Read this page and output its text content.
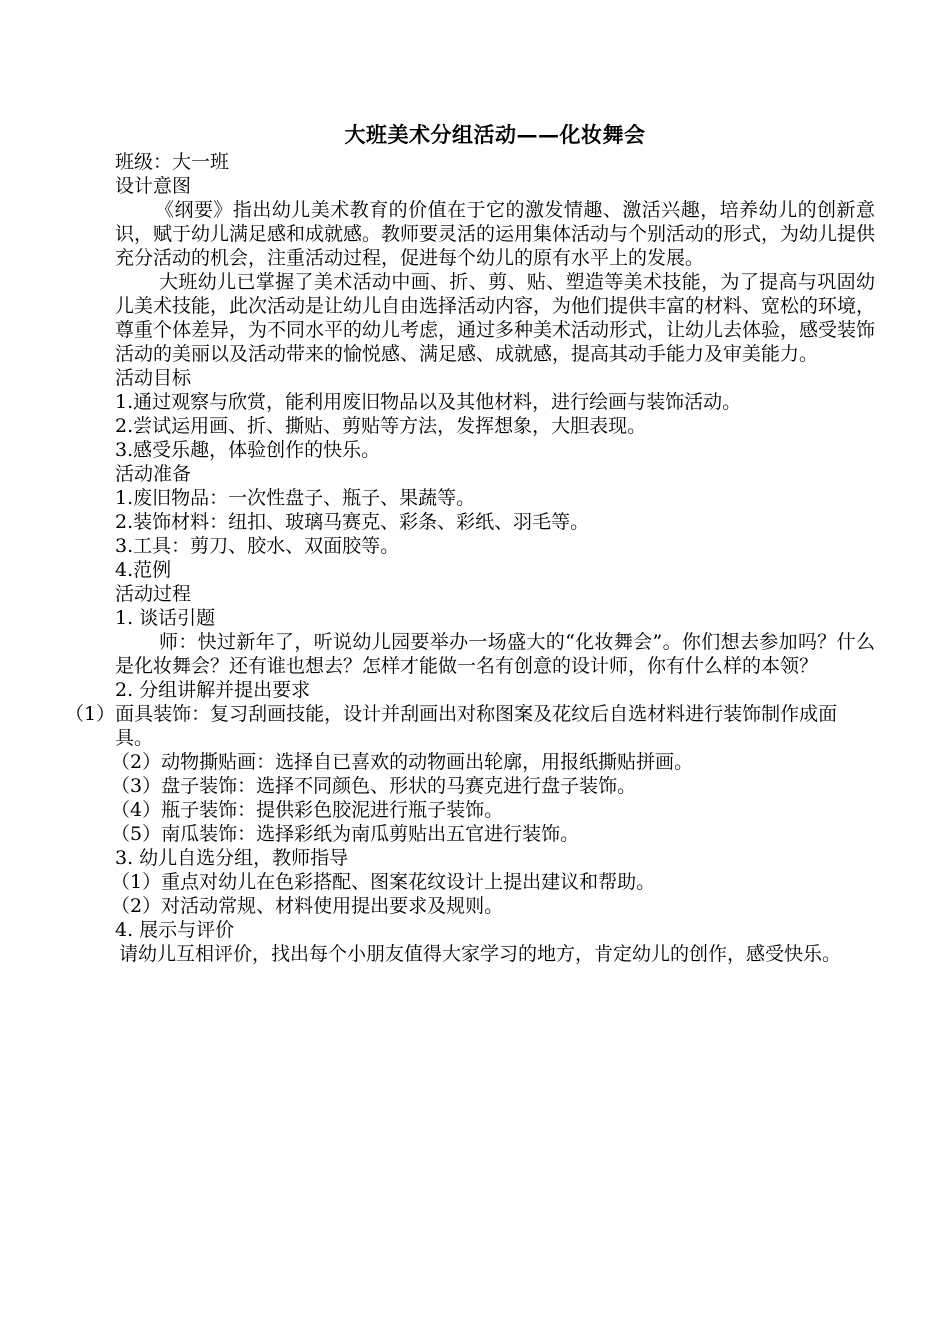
大班美术分组活动——化妆舞会

班级：大一班

设计意图

《纲要》指出幼儿美术教育的价值在于它的激发情趣、激活兴趣，培养幼儿的创新意识，赋于幼儿满足感和成就感。教师要灵活的运用集体活动与个别活动的形式，为幼儿提供充分活动的机会，注重活动过程，促进每个幼儿的原有水平上的发展。

大班幼儿已掌握了美术活动中画、折、剪、贴、塑造等美术技能，为了提高与巩固幼儿美术技能，此次活动是让幼儿自由选择活动内容，为他们提供丰富的材料、宽松的环境，尊重个体差异，为不同水平的幼儿考虑，通过多种美术活动形式，让幼儿去体验，感受装饰活动的美丽以及活动带来的愉悦感、满足感、成就感，提高其动手能力及审美能力。

活动目标

1.通过观察与欣赏，能利用废旧物品以及其他材料，进行绘画与装饰活动。

2.尝试运用画、折、撕贴、剪贴等方法，发挥想象，大胆表现。

3.感受乐趣，体验创作的快乐。

活动准备

1.废旧物品：一次性盘子、瓶子、果蔬等。

2.装饰材料：纽扣、玻璃马赛克、彩条、彩纸、羽毛等。

3.工具：剪刀、胶水、双面胶等。

4.范例

活动过程

1. 谈话引题

师：快过新年了，听说幼儿园要举办一场盛大的“化妆舞会”。你们想去参加吗？什么是化妆舞会？还有谁也想去？怎样才能做一名有创意的设计师，你有什么样的本领？

2. 分组讲解并提出要求

（1）面具装饰：复习刮画技能，设计并刮画出对称图案及花纹后自选材料进行装饰制作成面具。

（2）动物撕贴画：选择自已喜欢的动物画出轮廓，用报纸撕贴拼画。

（3）盘子装饰：选择不同颜色、形状的马赛克进行盘子装饰。

（4）瓶子装饰：提供彩色胶泥进行瓶子装饰。

（5）南瓜装饰：选择彩纸为南瓜剪贴出五官进行装饰。

3. 幼儿自选分组，教师指导

（1）重点对幼儿在色彩搭配、图案花纹设计上提出建议和帮助。

（2）对活动常规、材料使用提出要求及规则。

4. 展示与评价

请幼儿互相评价，找出每个小朋友值得大家学习的地方，肯定幼儿的创作，感受快乐。
